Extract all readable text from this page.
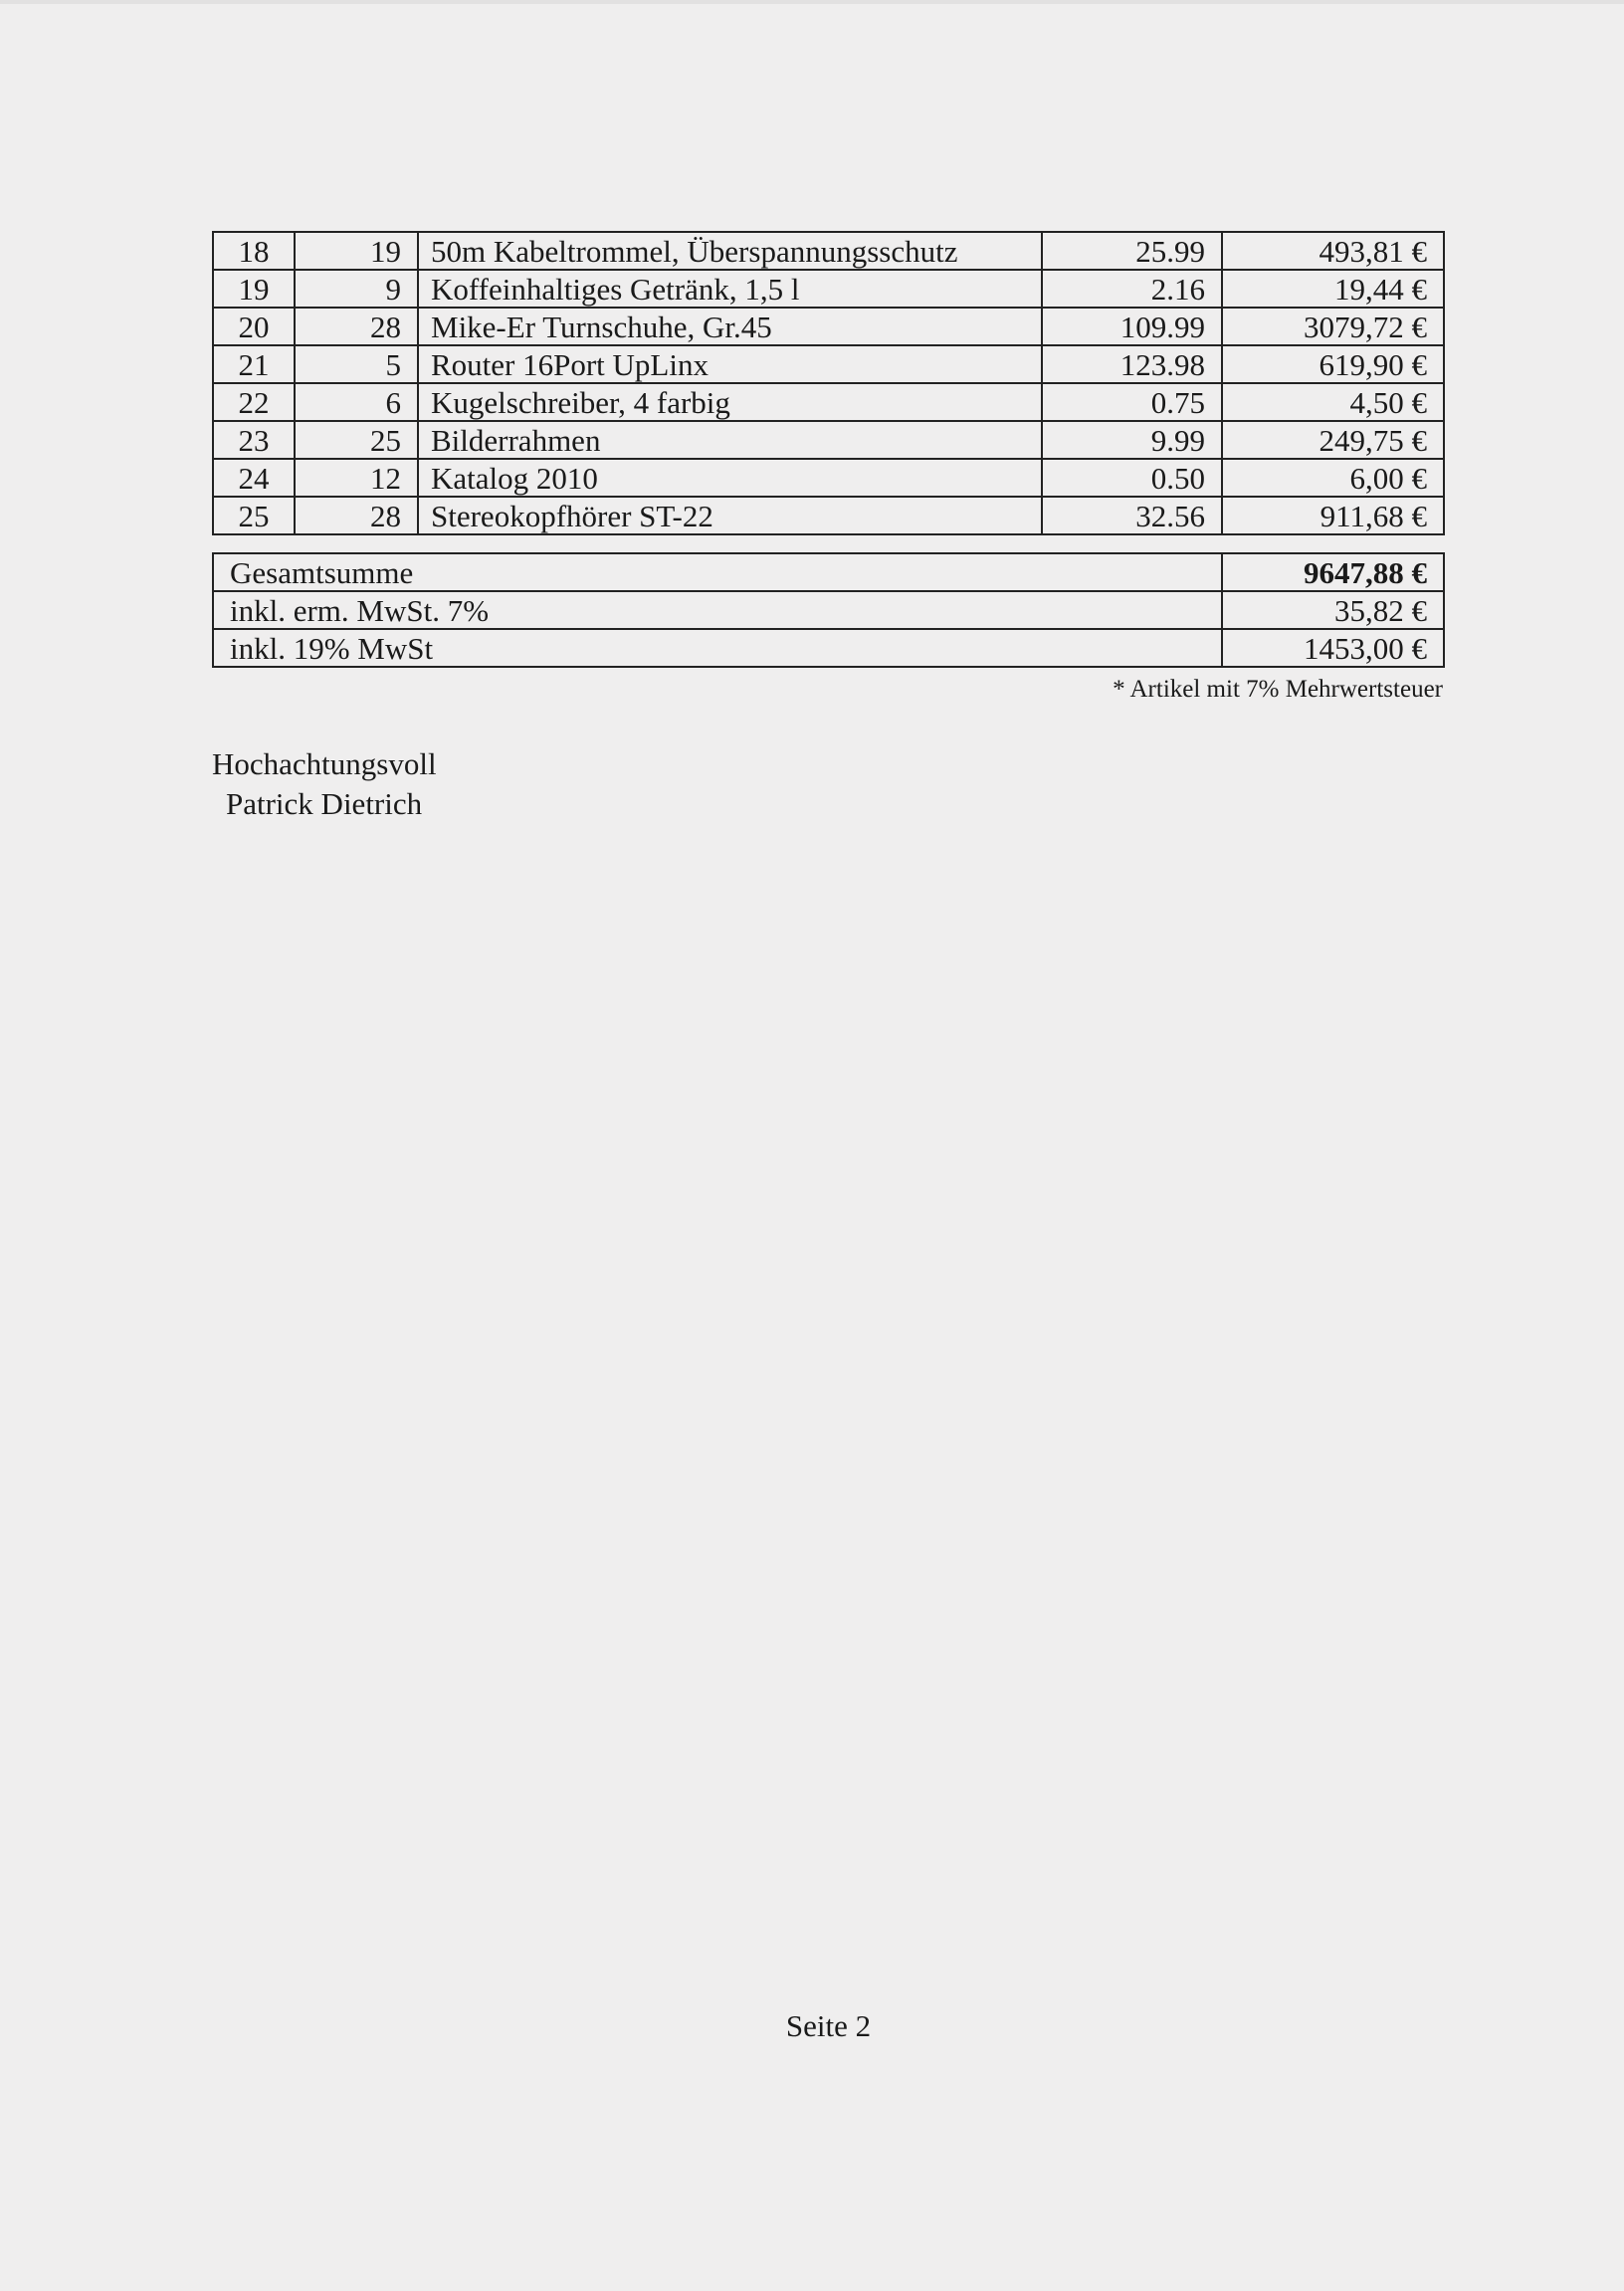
18	19	50m Kabeltrommel, Überspannungsschutz	25.99	493,81 €
19	9	Koffeinhaltiges Getränk, 1,5 l	2.16	19,44 €
20	28	Mike-Er Turnschuhe, Gr.45	109.99	3079,72 €
21	5	Router 16Port UpLinx	123.98	619,90 €
22	6	Kugelschreiber, 4 farbig	0.75	4,50 €
23	25	Bilderrahmen	9.99	249,75 €
24	12	Katalog 2010	0.50	6,00 €
25	28	Stereokopfhörer ST-22	32.56	911,68 €
Gesamtsumme	9647,88 €
inkl. erm. MwSt. 7%	35,82 €
inkl. 19% MwSt	1453,00 €
* Artikel mit 7% Mehrwertsteuer
Hochachtungsvoll
Patrick Dietrich
Seite 2
